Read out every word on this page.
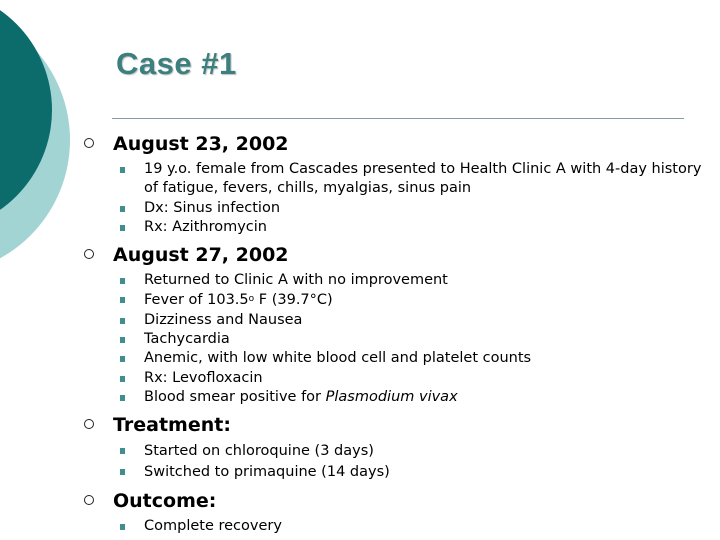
Case #1
August 23, 2002
19 y.o. female from Cascades presented to Health Clinic A with 4-day history of fatigue, fevers, chills, myalgias, sinus pain
Dx: Sinus infection
Rx: Azithromycin
August 27, 2002
Returned to Clinic A with no improvement
Fever of 103.5$^o$ F (39.7°C)
Dizziness and Nausea
Tachycardia
Anemic, with low white blood cell and platelet counts
Rx: Levofloxacin
Blood smear positive for Plasmodium vivax
Treatment:
Started on chloroquine (3 days)
Switched to primaquine (14 days)
Outcome:
Complete recovery
